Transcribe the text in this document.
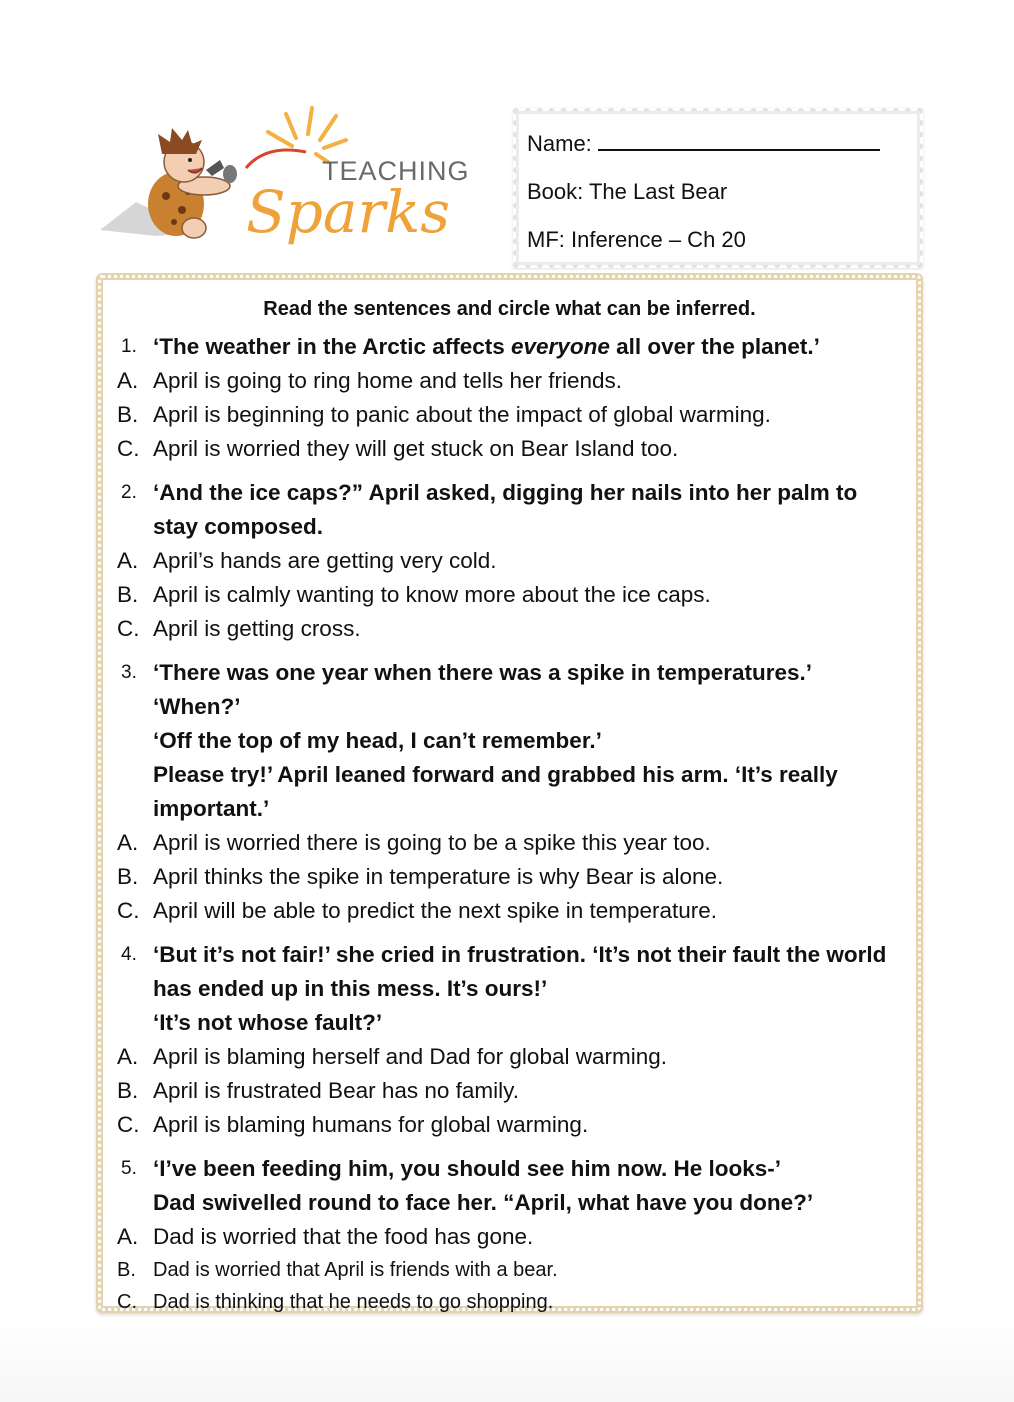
TEACHING
Sparks
Name:
Book: The Last Bear
MF: Inference – Ch 20
Read the sentences and circle what can be inferred.
1. ‘The weather in the Arctic affects everyone all over the planet.’
A. April is going to ring home and tells her friends.
B. April is beginning to panic about the impact of global warming.
C. April is worried they will get stuck on Bear Island too.
2. ‘And the ice caps?” April asked, digging her nails into her palm to stay composed.
A. April’s hands are getting very cold.
B. April is calmly wanting to know more about the ice caps.
C. April is getting cross.
3. ‘There was one year when there was a spike in temperatures.’
‘When?’
‘Off the top of my head, I can’t remember.’
Please try!’ April leaned forward and grabbed his arm. ‘It’s really important.’
A. April is worried there is going to be a spike this year too.
B. April thinks the spike in temperature is why Bear is alone.
C. April will be able to predict the next spike in temperature.
4. ‘But it’s not fair!’ she cried in frustration. ‘It’s not their fault the world has ended up in this mess. It’s ours!’
‘It’s not whose fault?’
A. April is blaming herself and Dad for global warming.
B. April is frustrated Bear has no family.
C. April is blaming humans for global warming.
5. ‘I’ve been feeding him, you should see him now. He looks-’
Dad swivelled round to face her. “April, what have you done?’
A. Dad is worried that the food has gone.
B. Dad is worried that April is friends with a bear.
C. Dad is thinking that he needs to go shopping.
